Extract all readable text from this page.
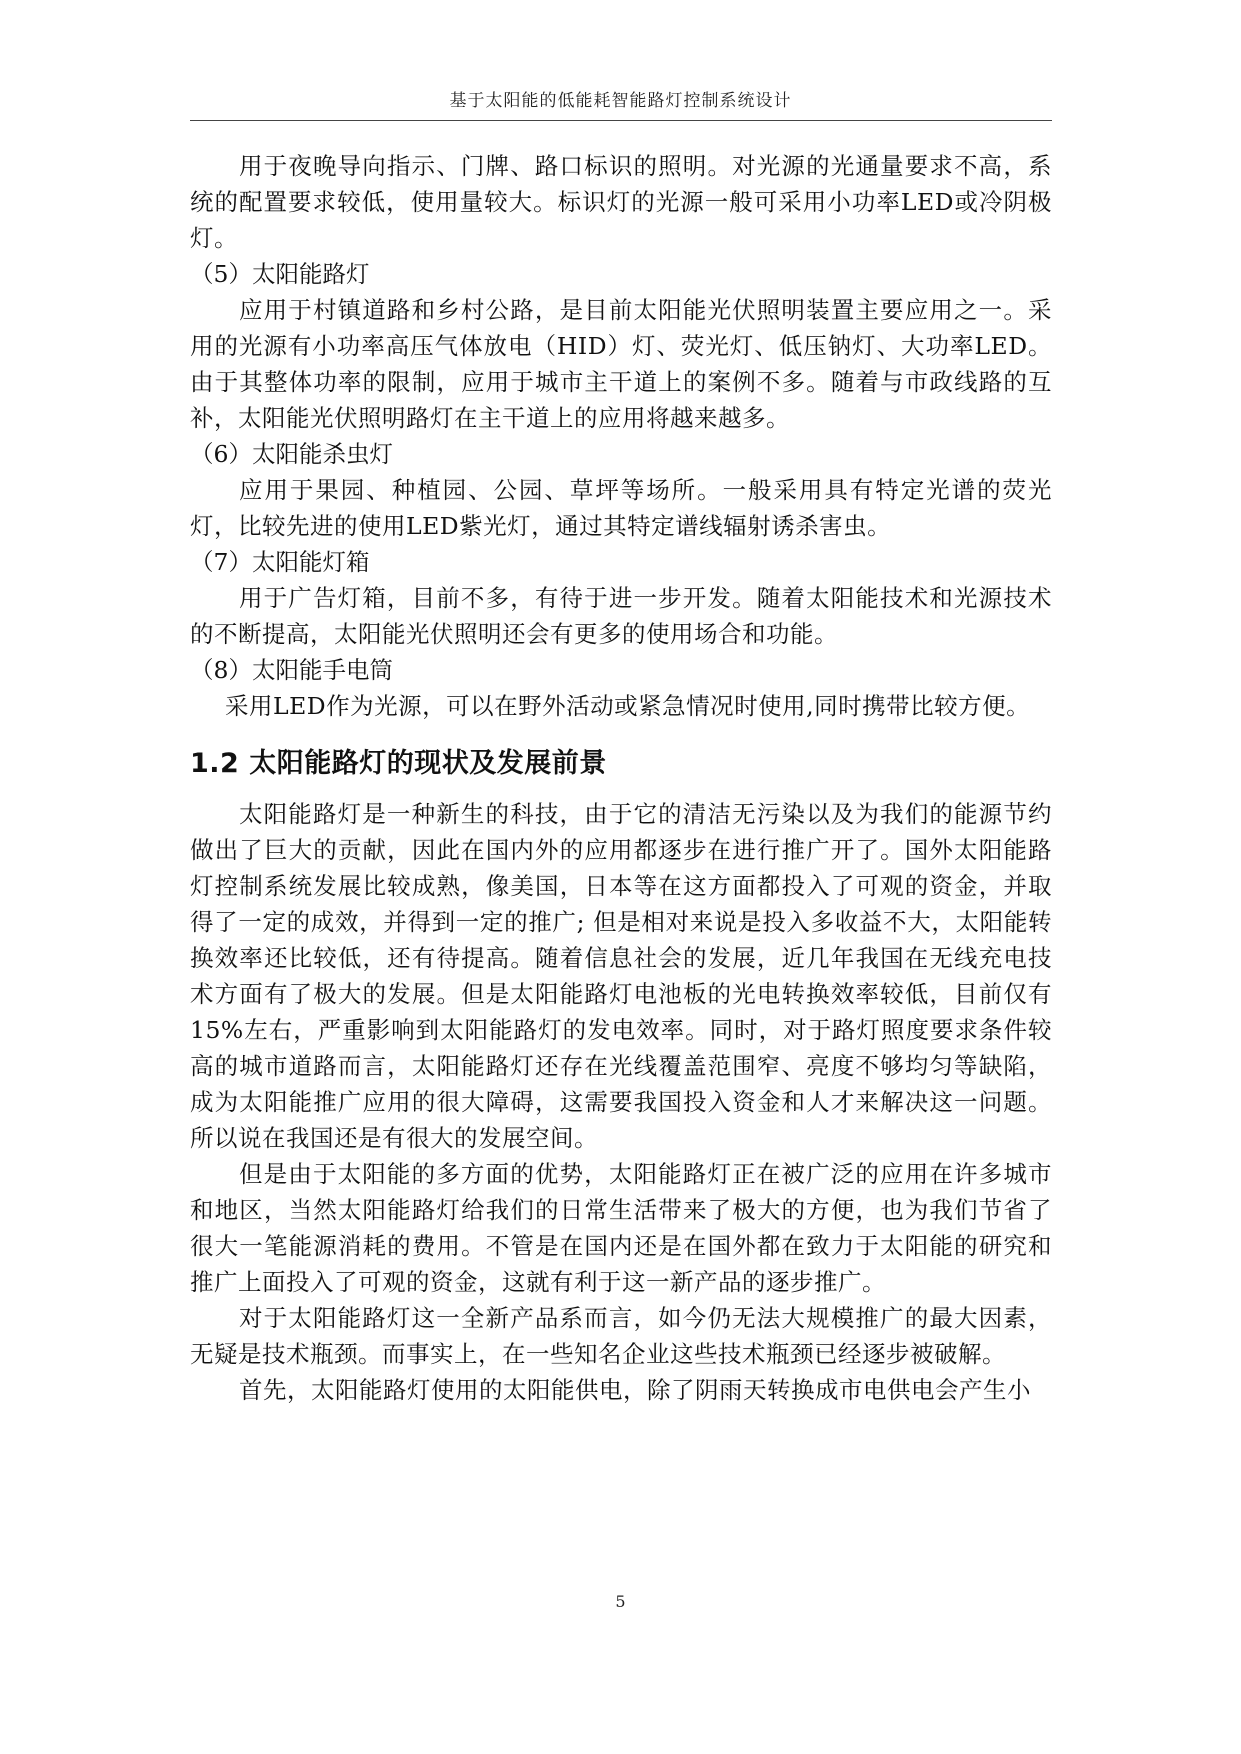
基于太阳能的低能耗智能路灯控制系统设计

用于夜晚导向指示、门牌、路口标识的照明。对光源的光通量要求不高，系统的配置要求较低，使用量较大。标识灯的光源一般可采用小功率LED或冷阴极灯。

（5）太阳能路灯

应用于村镇道路和乡村公路，是目前太阳能光伏照明装置主要应用之一。采用的光源有小功率高压气体放电（HID）灯、荧光灯、低压钠灯、大功率LED。由于其整体功率的限制，应用于城市主干道上的案例不多。随着与市政线路的互补，太阳能光伏照明路灯在主干道上的应用将越来越多。

（6）太阳能杀虫灯

应用于果园、种植园、公园、草坪等场所。一般采用具有特定光谱的荧光灯，比较先进的使用LED紫光灯，通过其特定谱线辐射诱杀害虫。

（7）太阳能灯箱

用于广告灯箱，目前不多，有待于进一步开发。随着太阳能技术和光源技术的不断提高，太阳能光伏照明还会有更多的使用场合和功能。

（8）太阳能手电筒

采用LED作为光源，可以在野外活动或紧急情况时使用,同时携带比较方便。

1.2 太阳能路灯的现状及发展前景

太阳能路灯是一种新生的科技，由于它的清洁无污染以及为我们的能源节约做出了巨大的贡献，因此在国内外的应用都逐步在进行推广开了。国外太阳能路灯控制系统发展比较成熟，像美国，日本等在这方面都投入了可观的资金，并取得了一定的成效，并得到一定的推广; 但是相对来说是投入多收益不大，太阳能转换效率还比较低，还有待提高。随着信息社会的发展，近几年我国在无线充电技术方面有了极大的发展。但是太阳能路灯电池板的光电转换效率较低，目前仅有15%左右，严重影响到太阳能路灯的发电效率。同时，对于路灯照度要求条件较高的城市道路而言，太阳能路灯还存在光线覆盖范围窄、亮度不够均匀等缺陷，成为太阳能推广应用的很大障碍，这需要我国投入资金和人才来解决这一问题。所以说在我国还是有很大的发展空间。

但是由于太阳能的多方面的优势，太阳能路灯正在被广泛的应用在许多城市和地区，当然太阳能路灯给我们的日常生活带来了极大的方便，也为我们节省了很大一笔能源消耗的费用。不管是在国内还是在国外都在致力于太阳能的研究和推广上面投入了可观的资金，这就有利于这一新产品的逐步推广。

对于太阳能路灯这一全新产品系而言，如今仍无法大规模推广的最大因素，无疑是技术瓶颈。而事实上，在一些知名企业这些技术瓶颈已经逐步被破解。

首先，太阳能路灯使用的太阳能供电，除了阴雨天转换成市电供电会产生小

5
